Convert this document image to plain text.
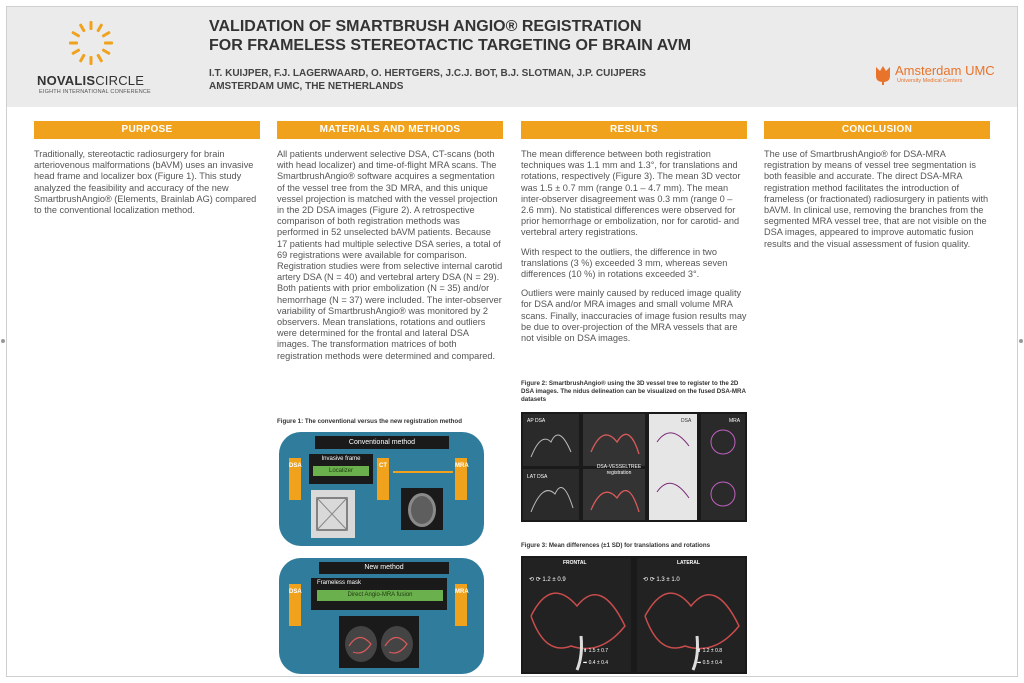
NOVALISCIRCLE
EIGHTH INTERNATIONAL CONFERENCE
VALIDATION OF SMARTBRUSH ANGIO® REGISTRATION
FOR FRAMELESS STEREOTACTIC TARGETING OF BRAIN AVM
I.T. KUIJPER, F.J. LAGERWAARD, O. HERTGERS, J.C.J. BOT, B.J. SLOTMAN, J.P. CUIJPERS
AMSTERDAM UMC, THE NETHERLANDS
Amsterdam UMC
University Medical Centers
PURPOSE

Traditionally, stereotactic radiosurgery for brain arteriovenous malformations (bAVM) uses an invasive head frame and localizer box (Figure 1). This study analyzed the feasibility and accuracy of the new SmartbrushAngio® (Elements, Brainlab AG) compared to the conventional localization method.

MATERIALS AND METHODS

All patients underwent selective DSA, CT-scans (both with head localizer) and time-of-flight MRA scans. The SmartbrushAngio® software acquires a segmentation of the vessel tree from the 3D MRA, and this unique vessel projection is matched with the vessel projection in the 2D DSA images (Figure 2). A retrospective comparison of both registration methods was performed in 52 unselected bAVM patients. Because 17 patients had multiple selective DSA series, a total of 69 registrations were available for comparison. Registration studies were from selective internal carotid artery DSA (N = 40) and vertebral artery DSA (N = 29). Both patients with prior embolization (N = 35) and/or hemorrhage (N = 37) were included. The inter-observer variability of SmartbrushAngio® was monitored by 2 observers. Mean translations, rotations and outliers were determined for the frontal and lateral DSA images. The transformation matrices of both registration methods were determined and compared.

Figure 1: The conventional versus the new registration method
Conventional method
DSA	CT	MRA
Invasive frame
Localizer
New method
DSA	MRA
Frameless mask
Direct Angio-MRA fusion
RESULTS

The mean difference between both registration techniques was 1.1 mm and 1.3°, for translations and rotations, respectively (Figure 3). The mean 3D vector was 1.5 ± 0.7 mm (range 0.1 – 4.7 mm). The mean inter-observer disagreement was 0.3 mm (range 0 – 2.6 mm). No statistical differences were observed for prior hemorrhage or embolization, nor for carotid- and vertebral artery registrations.

With respect to the outliers, the difference in two translations (3 %) exceeded 3 mm, whereas seven differences (10 %) in rotations exceeded 3°.

Outliers were mainly caused by reduced image quality for DSA and/or MRA images and small volume MRA scans. Finally, inaccuracies of image fusion results may be due to over-projection of the MRA vessels that are not visible on DSA images.

Figure 2: SmartbrushAngio® using the 3D vessel tree to register to the 2D DSA images. The nidus delineation can be visualized on the fused DSA-MRA datasets
AP DSA
LAT DSA
DSA-VESSELTREE registration
DSA	MRA
Figure 3: Mean differences (±1 SD) for translations and rotations
FRONTAL	LATERAL
⟲ ⟳ 1.2 ± 0.9	⟲ ⟳ 1.3 ± 1.0
⬆ 1.5 ± 0.7
➡ 0.4 ± 0.4
⬆ 1.2 ± 0.8
➡ 0.5 ± 0.4
CONCLUSION

The use of SmartbrushAngio® for DSA-MRA registration by means of vessel tree segmentation is both feasible and accurate. The direct DSA-MRA registration method facilitates the introduction of frameless (or fractionated) radiosurgery in patients with bAVM. In clinical use, removing the branches from the segmented MRA vessel tree, that are not visible on the DSA images, appeared to improve automatic fusion results and the visual assessment of fusion quality.
